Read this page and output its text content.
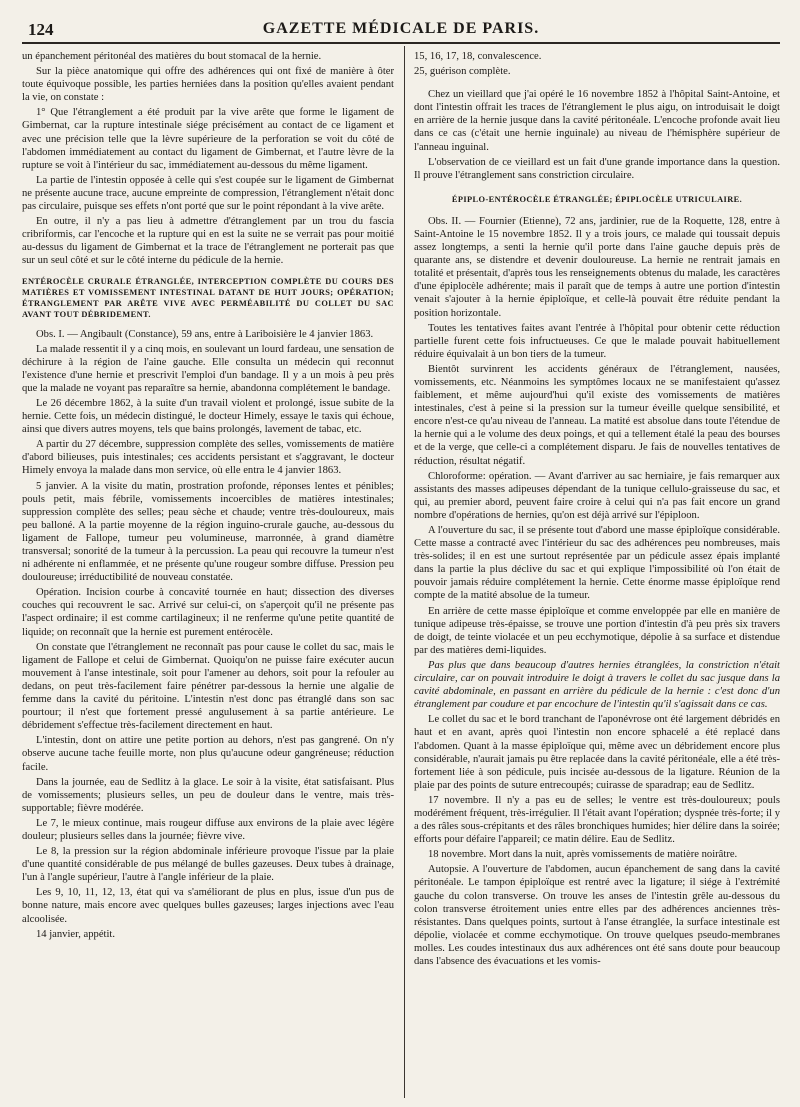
124	GAZETTE MÉDICALE DE PARIS.

un épanchement péritonéal des matières du bout stomacal de la hernie.

Sur la pièce anatomique qui offre des adhérences qui ont fixé de manière à ôter toute équivoque possible, les parties herniées dans la position qu'elles avaient pendant la vie, on constate :

1° Que l'étranglement a été produit par la vive arête que forme le ligament de Gimbernat, car la rupture intestinale siége précisément au contact de ce ligament et avec une précision telle que la lèvre supérieure de la perforation se voit du côté de l'abdomen immédiatement au contact du ligament de Gimbernat, et l'autre lèvre de la rupture se voit à l'intérieur du sac, immédiatement au-dessous du même ligament.

La partie de l'intestin opposée à celle qui s'est coupée sur le ligament de Gimbernat ne présente aucune trace, aucune empreinte de compression, l'étranglement n'était donc pas circulaire, puisque ses effets n'ont porté que sur le point répondant à la vive arête.

En outre, il n'y a pas lieu à admettre d'étranglement par un trou du fascia cribriformis, car l'encoche et la rupture qui en est la suite ne se verrait pas pour moitié au-dessus du ligament de Gimbernat et la trace de l'étranglement ne porterait pas que sur un seul côté et sur le côté interne du pédicule de la hernie.

ENTÉROCÈLE CRURALE ÉTRANGLÉE, INTERCEPTION COMPLÈTE DU COURS DES MATIÈRES ET VOMISSEMENT INTESTINAL DATANT DE HUIT JOURS; OPÉRATION; ÉTRANGLEMENT PAR ARÊTE VIVE AVEC PERMÉABILITÉ DU COLLET DU SAC AVANT TOUT DÉBRIDEMENT.

Obs. I. — Angibault (Constance), 59 ans, entre à Lariboisière le 4 janvier 1863.

La malade ressentit il y a cinq mois, en soulevant un lourd fardeau, une sensation de déchirure à la région de l'aine gauche. Elle consulta un médecin qui reconnut l'existence d'une hernie et prescrivit l'emploi d'un bandage. Il y a un mois à peu près que la malade ne voyant pas reparaître sa hernie, abandonna complétement le bandage.

Le 26 décembre 1862, à la suite d'un travail violent et prolongé, issue subite de la hernie. Cette fois, un médecin distingué, le docteur Himely, essaye le taxis qui échoue, ainsi que divers autres moyens, tels que bains prolongés, lavement de tabac, etc.

A partir du 27 décembre, suppression complète des selles, vomissements de matière d'abord bilieuses, puis intestinales; ces accidents persistant et s'aggravant, le docteur Himely envoya la malade dans mon service, où elle entra le 4 janvier 1863.

5 janvier. A la visite du matin, prostration profonde, réponses lentes et pénibles; pouls petit, mais fébrile, vomissements incoercibles de matières intestinales; suppression complète des selles; peau sèche et chaude; ventre très-douloureux, mais peu balloné. A la partie moyenne de la région inguino-crurale gauche, au-dessous du ligament de Fallope, tumeur peu volumineuse, marronnée, à grand diamètre transversal; sonorité de la tumeur à la percussion. La peau qui recouvre la tumeur n'est ni adhérente ni enflammée, et ne présente qu'une rougeur sombre diffuse. Pression peu douloureuse; irréductibilité de nouveau constatée.

Opération. Incision courbe à concavité tournée en haut; dissection des diverses couches qui recouvrent le sac. Arrivé sur celui-ci, on s'aperçoit qu'il ne présente pas l'aspect ordinaire; il est comme cartilagineux; il ne renferme qu'une petite quantité de liquide; on reconnaît que la hernie est purement entérocèle.

On constate que l'étranglement ne reconnaît pas pour cause le collet du sac, mais le ligament de Fallope et celui de Gimbernat. Quoiqu'on ne puisse faire exécuter aucun mouvement à l'anse intestinale, soit pour l'amener au dehors, soit pour la refouler au dedans, on peut très-facilement faire pénétrer par-dessous la hernie une algalie de femme dans la cavité du péritoine. L'intestin n'est donc pas étranglé dans son sac pourtour; il n'est que fortement pressé angulusement à sa partie antérieure. Le débridement s'effectue très-facilement directement en haut.

L'intestin, dont on attire une petite portion au dehors, n'est pas gangrené. On n'y observe aucune tache feuille morte, non plus qu'aucune odeur gangréneuse; réduction facile.

Dans la journée, eau de Sedlitz à la glace. Le soir à la visite, état satisfaisant. Plus de vomissements; plusieurs selles, un peu de douleur dans le ventre, mais très-supportable; fièvre modérée.

Le 7, le mieux continue, mais rougeur diffuse aux environs de la plaie avec légère douleur; plusieurs selles dans la journée; fièvre vive.

Le 8, la pression sur la région abdominale inférieure provoque l'issue par la plaie d'une quantité considérable de pus mélangé de bulles gazeuses. Deux tubes à drainage, l'un à l'angle supérieur, l'autre à l'angle inférieur de la plaie.

Les 9, 10, 11, 12, 13, état qui va s'améliorant de plus en plus, issue d'un pus de bonne nature, mais encore avec quelques bulles gazeuses; larges injections avec l'eau alcoolisée.

14 janvier, appétit.

15, 16, 17, 18, convalescence.

25, guérison complète.

Chez un vieillard que j'ai opéré le 16 novembre 1852 à l'hôpital Saint-Antoine, et dont l'intestin offrait les traces de l'étranglement le plus aigu, on introduisait le doigt en arrière de la hernie jusque dans la cavité péritonéale. L'encoche profonde avait lieu dans ce cas (c'était une hernie inguinale) au niveau de l'hémisphère supérieur de l'anneau inguinal.

L'observation de ce vieillard est un fait d'une grande importance dans la question. Il prouve l'étranglement sans constriction circulaire.

ÉPIPLO-ENTÉROCÈLE ÉTRANGLÉE; ÉPIPLOCÈLE UTRICULAIRE.

Obs. II. — Fournier (Etienne), 72 ans, jardinier, rue de la Roquette, 128, entre à Saint-Antoine le 15 novembre 1852. Il y a trois jours, ce malade qui toussait depuis assez longtemps, a senti la hernie qu'il porte dans l'aine gauche depuis près de quarante ans, se distendre et devenir douloureuse. La hernie ne rentrait jamais en totalité et présentait, d'après tous les renseignements obtenus du malade, les caractères d'une épiplocèle adhérente; mais il paraît que de temps à autre une portion d'intestin venait s'ajouter à la hernie épiploïque, et celle-là pouvait être réduite pendant la position horizontale.

Toutes les tentatives faites avant l'entrée à l'hôpital pour obtenir cette réduction partielle furent cette fois infructueuses. Ce que le malade pouvait habituellement réduire équivalait à un bon tiers de la tumeur.

Bientôt survinrent les accidents généraux de l'étranglement, nausées, vomissements, etc. Néanmoins les symptômes locaux ne se manifestaient qu'assez faiblement, et même aujourd'hui qu'il existe des vomissements de matières intestinales, c'est à peine si la pression sur la tumeur éveille quelque sensibilité, et encore n'est-ce qu'au niveau de l'anneau. La matité est absolue dans toute l'étendue de la hernie qui a le volume des deux poings, et qui a tellement étalé la peau des bourses et de la verge, que celle-ci a complétement disparu. Je fais de nouvelles tentatives de réduction, résultat négatif.

Chloroforme: opération. — Avant d'arriver au sac herniaire, je fais remarquer aux assistants des masses adipeuses dépendant de la tunique cellulo-graisseuse du sac, et qui, au premier abord, peuvent faire croire à celui qui n'a pas fait encore un grand nombre d'opérations de hernies, qu'on est déjà arrivé sur l'épiploon.

A l'ouverture du sac, il se présente tout d'abord une masse épiploïque considérable. Cette masse a contracté avec l'intérieur du sac des adhérences peu nombreuses, mais très-solides; il en est une surtout représentée par un pédicule assez épais implanté dans la partie la plus déclive du sac et qui explique l'impossibilité où l'on était de pouvoir jamais réduire complétement la hernie. Cette énorme masse épiploïque rend compte de la matité absolue de la tumeur.

En arrière de cette masse épiploïque et comme enveloppée par elle en manière de tunique adipeuse très-épaisse, se trouve une portion d'intestin d'à peu près six travers de doigt, de teinte violacée et un peu ecchymotique, dépolie à sa surface et distendue par des matières demi-liquides.

Pas plus que dans beaucoup d'autres hernies étranglées, la constriction n'était circulaire, car on pouvait introduire le doigt à travers le collet du sac jusque dans la cavité abdominale, en passant en arrière du pédicule de la hernie : c'est donc d'un étranglement par coudure et par encochure de l'intestin qu'il s'agissait dans ce cas.

Le collet du sac et le bord tranchant de l'aponévrose ont été largement débridés en haut et en avant, après quoi l'intestin non encore sphacelé a été replacé dans l'abdomen. Quant à la masse épiploïque qui, même avec un débridement encore plus considérable, n'aurait jamais pu être replacée dans la cavité péritonéale, elle a été très-fortement liée à son pédicule, puis incisée au-dessous de la ligature. Réunion de la plaie par des points de suture entrecoupés; cuirasse de sparadrap; eau de Sedlitz.

17 novembre. Il n'y a pas eu de selles; le ventre est très-douloureux; pouls modérément fréquent, très-irrégulier. Il l'était avant l'opération; dyspnée très-forte; il y a des râles sous-crépitants et des râles bronchiques humides; hier délire dans la soirée; efforts pour défaire l'appareil; ce matin délire. Eau de Sedlitz.

18 novembre. Mort dans la nuit, après vomissements de matière noirâtre.

Autopsie. A l'ouverture de l'abdomen, aucun épanchement de sang dans la cavité péritonéale. Le tampon épiploïque est rentré avec la ligature; il siége à l'extrémité gauche du colon transverse. On trouve les anses de l'intestin grêle au-dessous du colon transverse étroitement unies entre elles par des adhérences anciennes très-résistantes. Dans quelques points, surtout à l'anse étranglée, la surface intestinale est dépolie, violacée et comme ecchymotique. On trouve quelques pseudo-membranes molles. Les coudes intestinaux dus aux adhérences ont été sans doute pour beaucoup dans l'absence des évacuations et les vomis-
